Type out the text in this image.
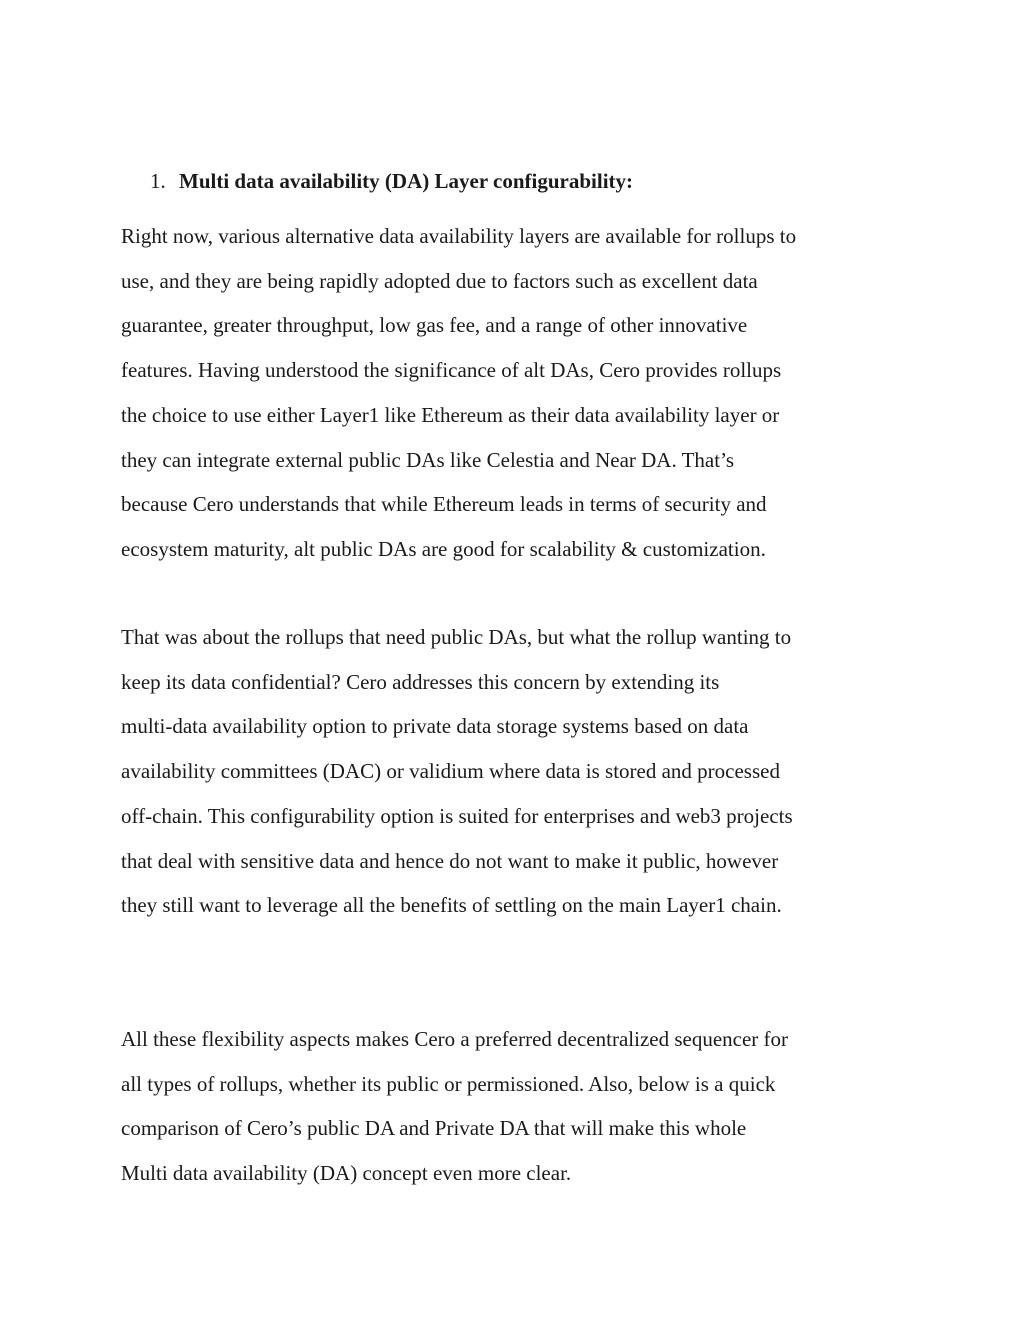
1. Multi data availability (DA) Layer configurability:

Right now, various alternative data availability layers are available for rollups to
use, and they are being rapidly adopted due to factors such as excellent data
guarantee, greater throughput, low gas fee, and a range of other innovative
features. Having understood the significance of alt DAs, Cero provides rollups
the choice to use either Layer1 like Ethereum as their data availability layer or
they can integrate external public DAs like Celestia and Near DA. That’s
because Cero understands that while Ethereum leads in terms of security and
ecosystem maturity, alt public DAs are good for scalability & customization.

That was about the rollups that need public DAs, but what the rollup wanting to
keep its data confidential? Cero addresses this concern by extending its
multi-data availability option to private data storage systems based on data
availability committees (DAC) or validium where data is stored and processed
off-chain. This configurability option is suited for enterprises and web3 projects
that deal with sensitive data and hence do not want to make it public, however
they still want to leverage all the benefits of settling on the main Layer1 chain.

All these flexibility aspects makes Cero a preferred decentralized sequencer for
all types of rollups, whether its public or permissioned. Also, below is a quick
comparison of Cero’s public DA and Private DA that will make this whole
Multi data availability (DA) concept even more clear.
